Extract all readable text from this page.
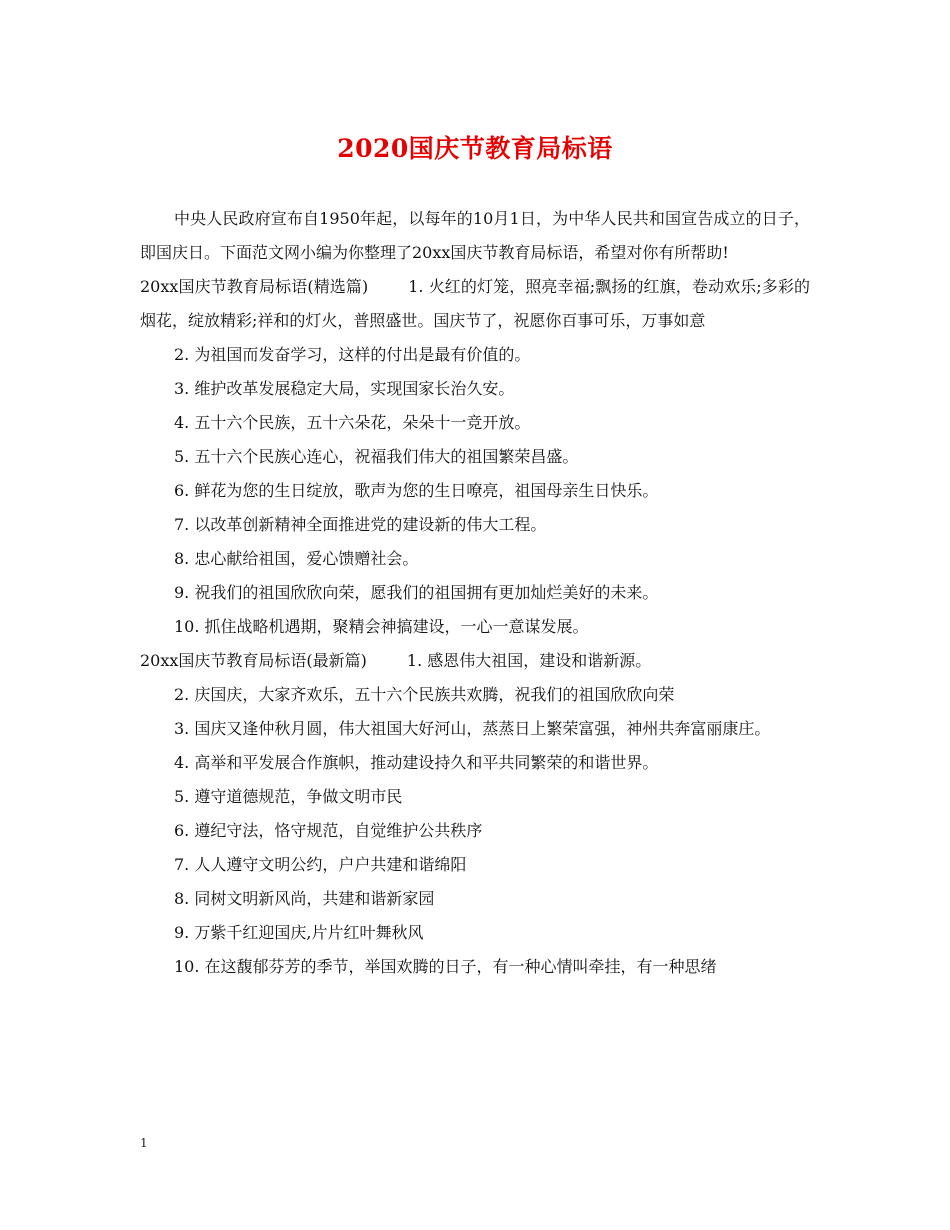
2020国庆节教育局标语

中央人民政府宣布自1950年起，以每年的10月1日，为中华人民共和国宣告成立的日子，即国庆日。下面范文网小编为你整理了20xx国庆节教育局标语，希望对你有所帮助!

20xx国庆节教育局标语(精选篇)	1. 火红的灯笼，照亮幸福;飘扬的红旗，卷动欢乐;多彩的烟花，绽放精彩;祥和的灯火，普照盛世。国庆节了，祝愿你百事可乐，万事如意

2. 为祖国而发奋学习，这样的付出是最有价值的。

3. 维护改革发展稳定大局，实现国家长治久安。

4. 五十六个民族，五十六朵花，朵朵十一竞开放。

5. 五十六个民族心连心，祝福我们伟大的祖国繁荣昌盛。

6. 鲜花为您的生日绽放，歌声为您的生日嘹亮，祖国母亲生日快乐。

7. 以改革创新精神全面推进党的建设新的伟大工程。

8. 忠心献给祖国，爱心馈赠社会。

9. 祝我们的祖国欣欣向荣，愿我们的祖国拥有更加灿烂美好的未来。

10. 抓住战略机遇期，聚精会神搞建设，一心一意谋发展。

20xx国庆节教育局标语(最新篇)	1. 感恩伟大祖国，建设和谐新源。

2. 庆国庆，大家齐欢乐，五十六个民族共欢腾，祝我们的祖国欣欣向荣

3. 国庆又逢仲秋月圆，伟大祖国大好河山，蒸蒸日上繁荣富强，神州共奔富丽康庄。

4. 高举和平发展合作旗帜，推动建设持久和平共同繁荣的和谐世界。

5. 遵守道德规范，争做文明市民

6. 遵纪守法，恪守规范，自觉维护公共秩序

7. 人人遵守文明公约，户户共建和谐绵阳

8. 同树文明新风尚，共建和谐新家园

9. 万紫千红迎国庆,片片红叶舞秋风

10. 在这馥郁芬芳的季节，举国欢腾的日子，有一种心情叫牵挂，有一种思绪

1
